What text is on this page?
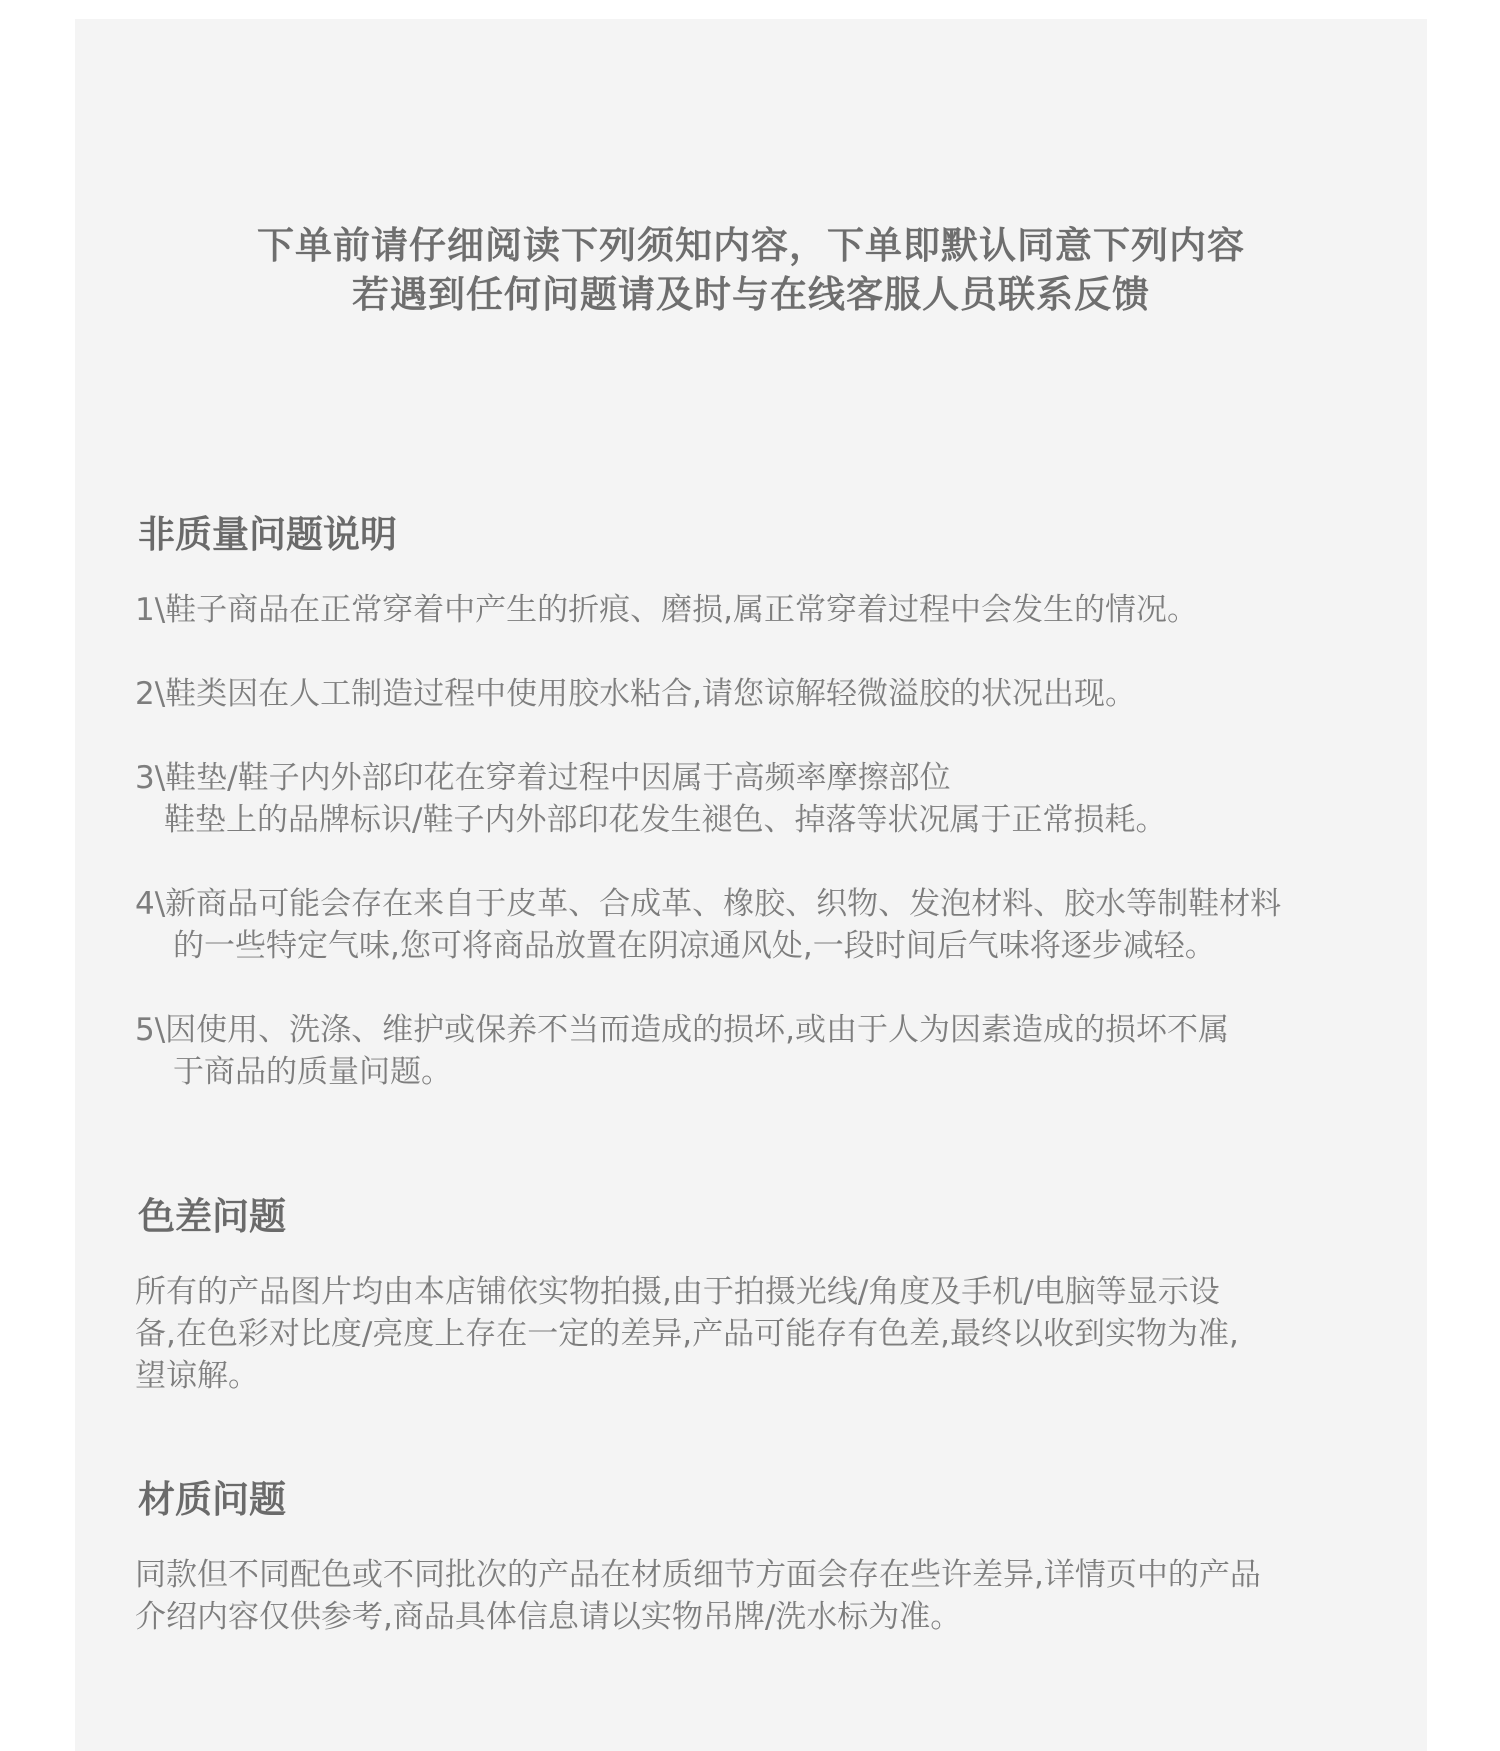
下单前请仔细阅读下列须知内容，下单即默认同意下列内容
若遇到任何问题请及时与在线客服人员联系反馈
非质量问题说明
1\鞋子商品在正常穿着中产生的折痕、磨损,属正常穿着过程中会发生的情况。
2\鞋类因在人工制造过程中使用胶水粘合,请您谅解轻微溢胶的状况出现。
3\鞋垫/鞋子内外部印花在穿着过程中因属于高频率摩擦部位
鞋垫上的品牌标识/鞋子内外部印花发生褪色、掉落等状况属于正常损耗。
4\新商品可能会存在来自于皮革、合成革、橡胶、织物、发泡材料、胶水等制鞋材料
的一些特定气味,您可将商品放置在阴凉通风处,一段时间后气味将逐步减轻。
5\因使用、洗涤、维护或保养不当而造成的损坏,或由于人为因素造成的损坏不属
于商品的质量问题。
色差问题
所有的产品图片均由本店铺依实物拍摄,由于拍摄光线/角度及手机/电脑等显示设
备,在色彩对比度/亮度上存在一定的差异,产品可能存有色差,最终以收到实物为准,
望谅解。
材质问题
同款但不同配色或不同批次的产品在材质细节方面会存在些许差异,详情页中的产品
介绍内容仅供参考,商品具体信息请以实物吊牌/洗水标为准。
